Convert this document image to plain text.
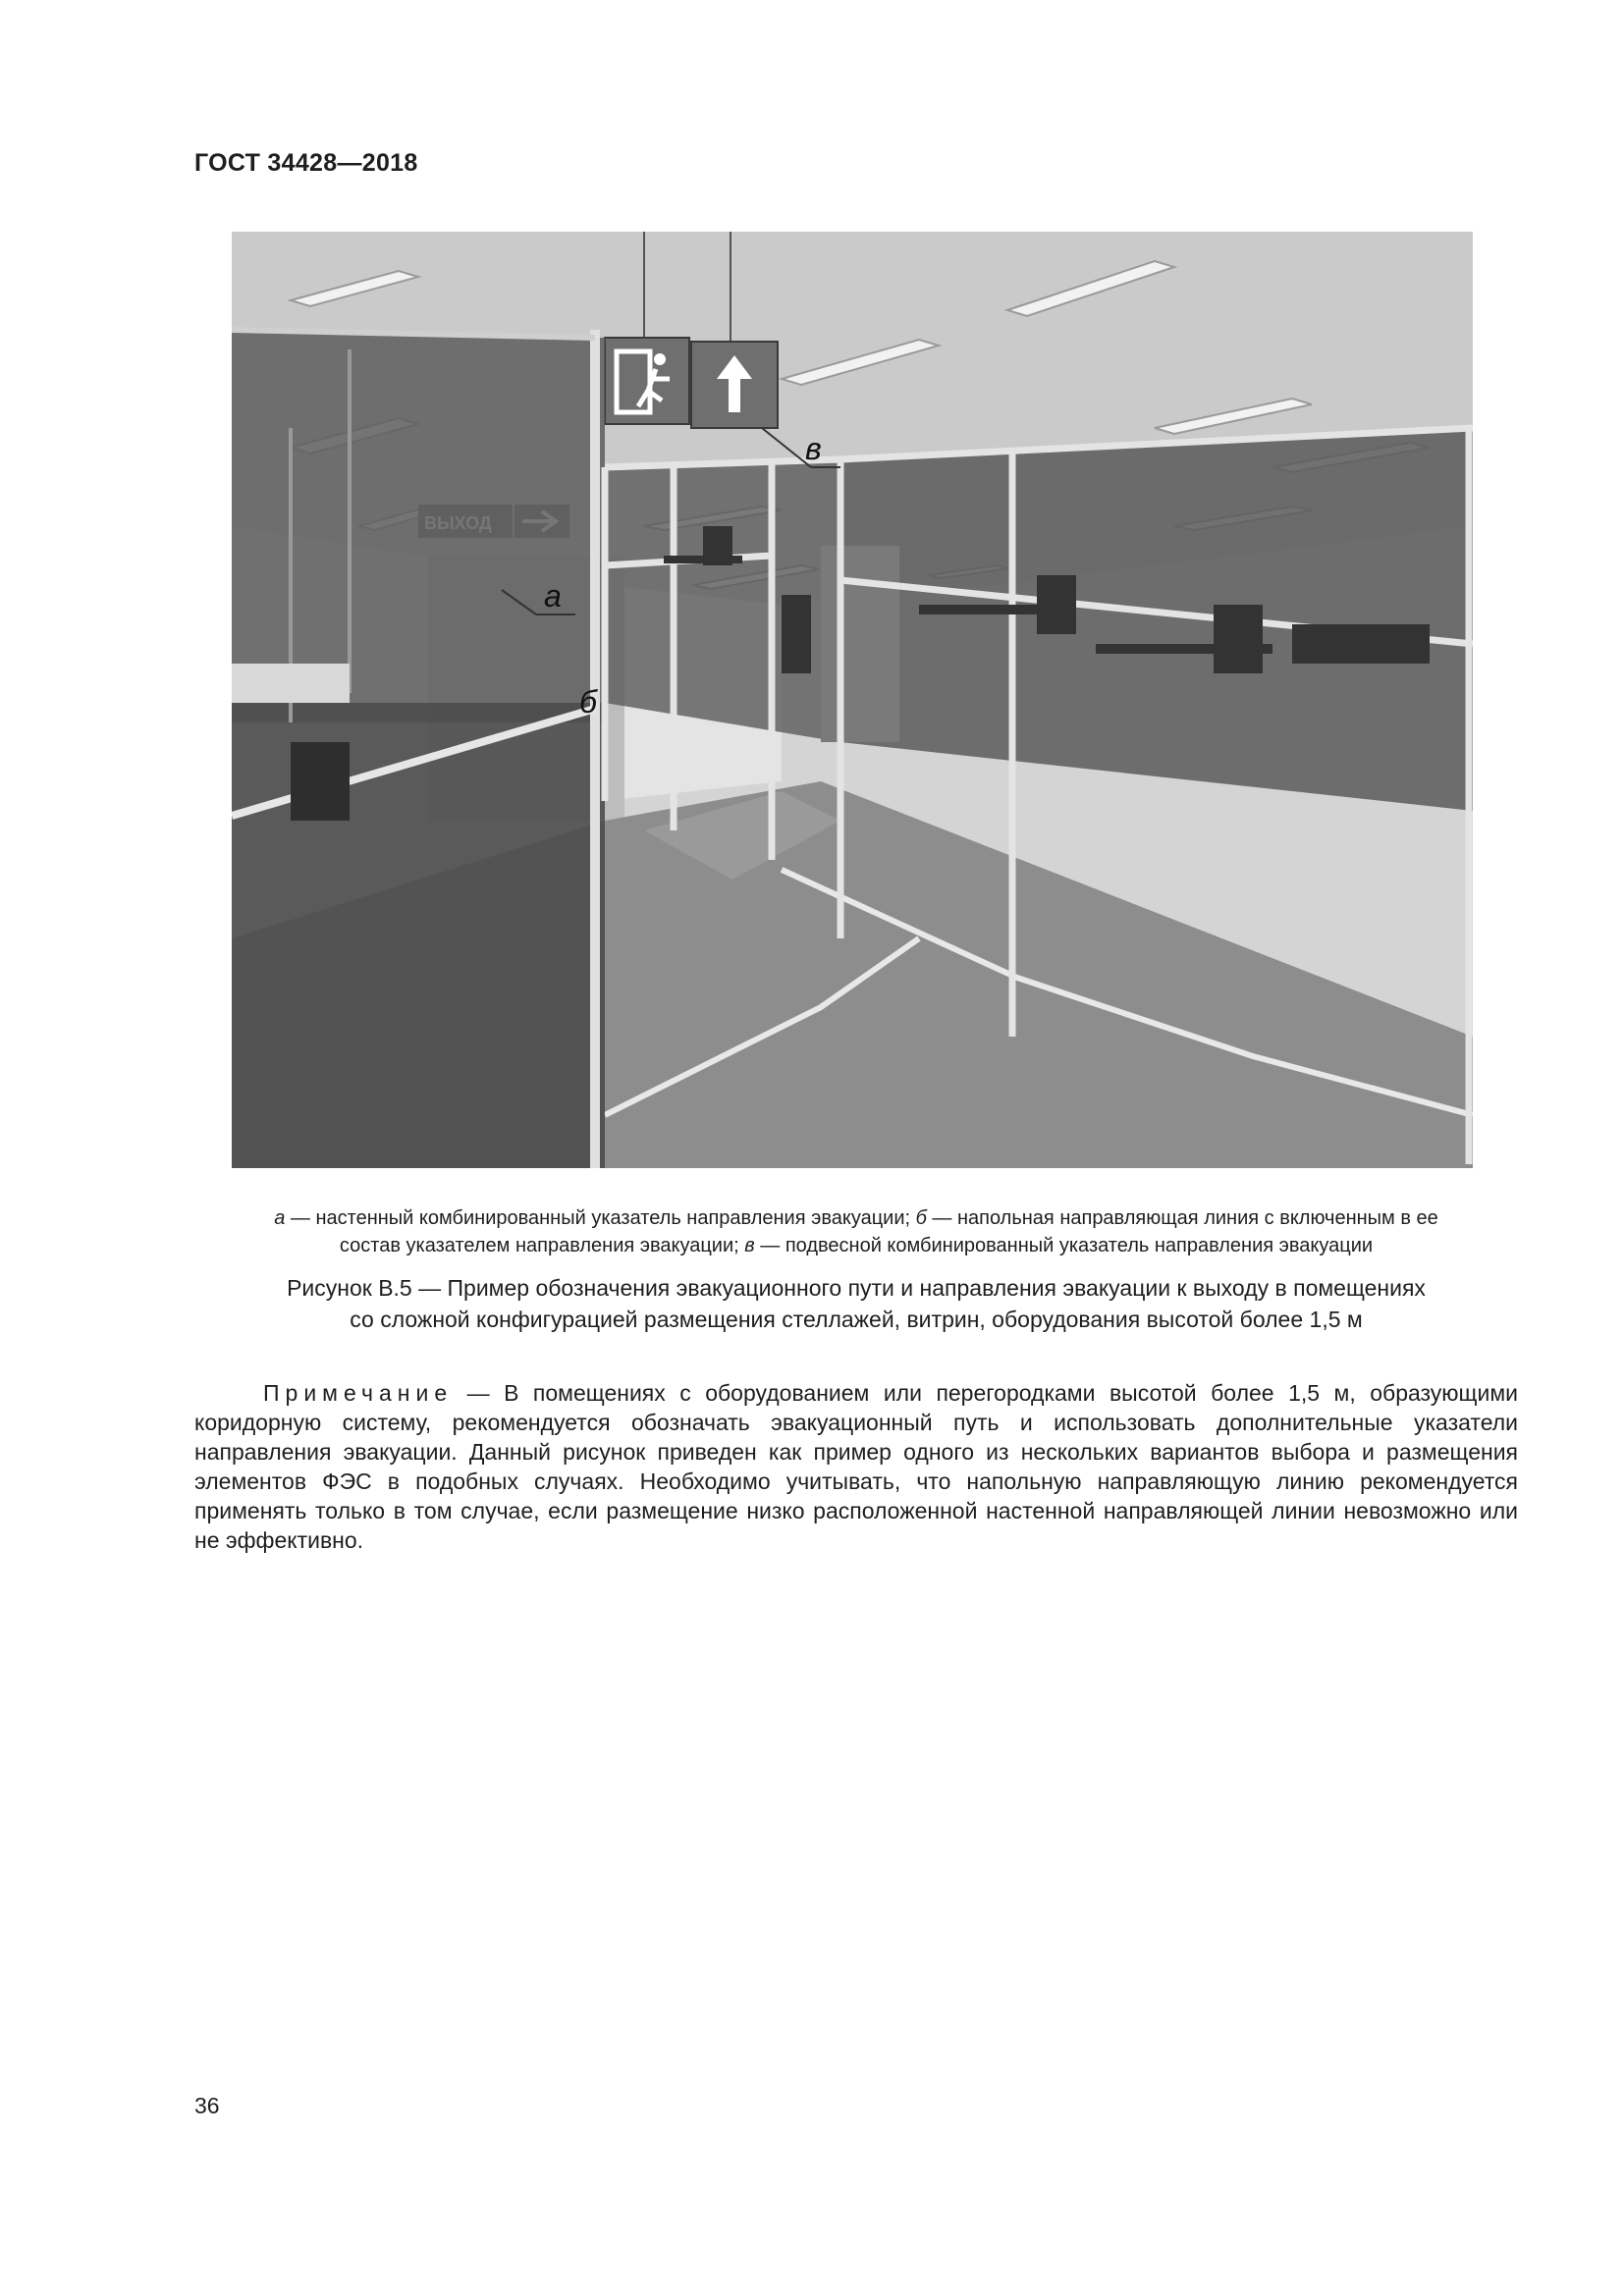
ГОСТ 34428—2018
а
в
б
а — настенный комбинированный указатель направления эвакуации; б — напольная направляющая линия с включенным в ее
состав указателем направления эвакуации; в — подвесной комбинированный указатель направления эвакуации
Рисунок В.5 — Пример обозначения эвакуационного пути и направления эвакуации к выходу в помещениях
со сложной конфигурацией размещения стеллажей, витрин, оборудования высотой более 1,5 м

Примечание — В помещениях с оборудованием или перегородками высотой более 1,5 м, образующими коридорную систему, рекомендуется обозначать эвакуационный путь и использовать дополнительные указатели направления эвакуации. Данный рисунок приведен как пример одного из нескольких вариантов выбора и размещения элементов ФЭС в подобных случаях. Необходимо учитывать, что напольную направляющую линию рекомендуется применять только в том случае, если размещение низко расположенной настенной направляющей линии невозможно или не эффективно.

36
